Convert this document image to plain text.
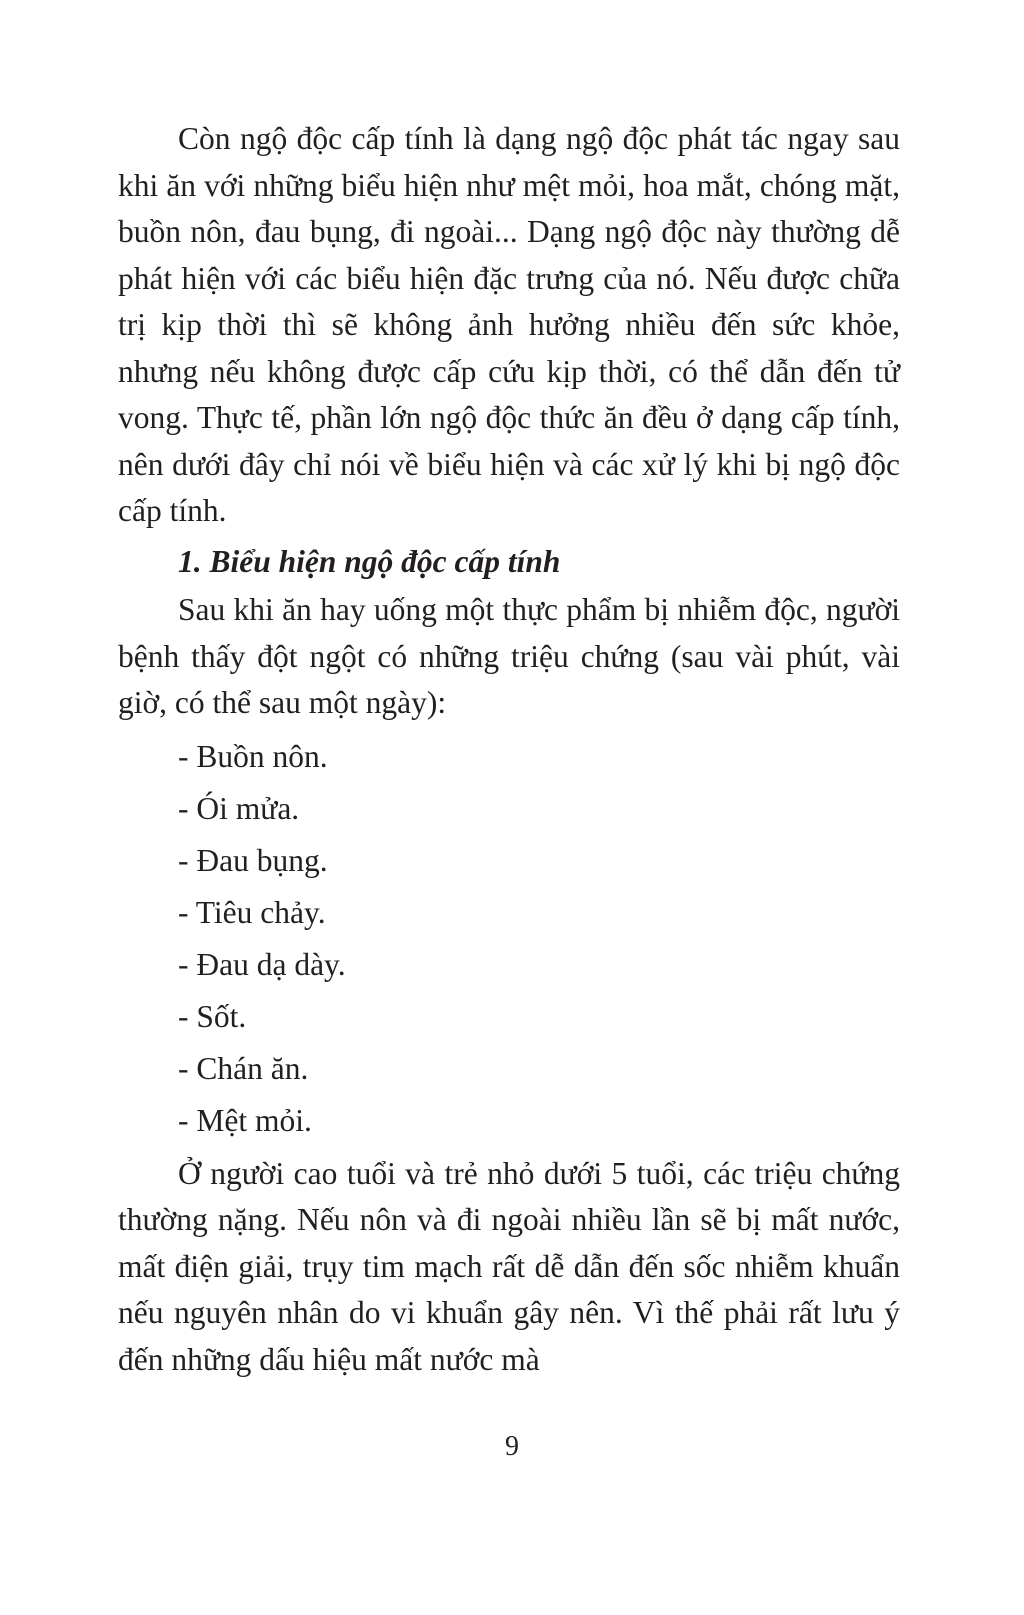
Còn ngộ độc cấp tính là dạng ngộ độc phát tác ngay sau khi ăn với những biểu hiện như mệt mỏi, hoa mắt, chóng mặt, buồn nôn, đau bụng, đi ngoài... Dạng ngộ độc này thường dễ phát hiện với các biểu hiện đặc trưng của nó. Nếu được chữa trị kịp thời thì sẽ không ảnh hưởng nhiều đến sức khỏe, nhưng nếu không được cấp cứu kịp thời, có thể dẫn đến tử vong. Thực tế, phần lớn ngộ độc thức ăn đều ở dạng cấp tính, nên dưới đây chỉ nói về biểu hiện và các xử lý khi bị ngộ độc cấp tính.

1. Biểu hiện ngộ độc cấp tính

Sau khi ăn hay uống một thực phẩm bị nhiễm độc, người bệnh thấy đột ngột có những triệu chứng (sau vài phút, vài giờ, có thể sau một ngày):

- Buồn nôn.
- Ói mửa.
- Đau bụng.
- Tiêu chảy.
- Đau dạ dày.
- Sốt.
- Chán ăn.
- Mệt mỏi.

Ở người cao tuổi và trẻ nhỏ dưới 5 tuổi, các triệu chứng thường nặng. Nếu nôn và đi ngoài nhiều lần sẽ bị mất nước, mất điện giải, trụy tim mạch rất dễ dẫn đến sốc nhiễm khuẩn nếu nguyên nhân do vi khuẩn gây nên. Vì thế phải rất lưu ý đến những dấu hiệu mất nước mà

9
